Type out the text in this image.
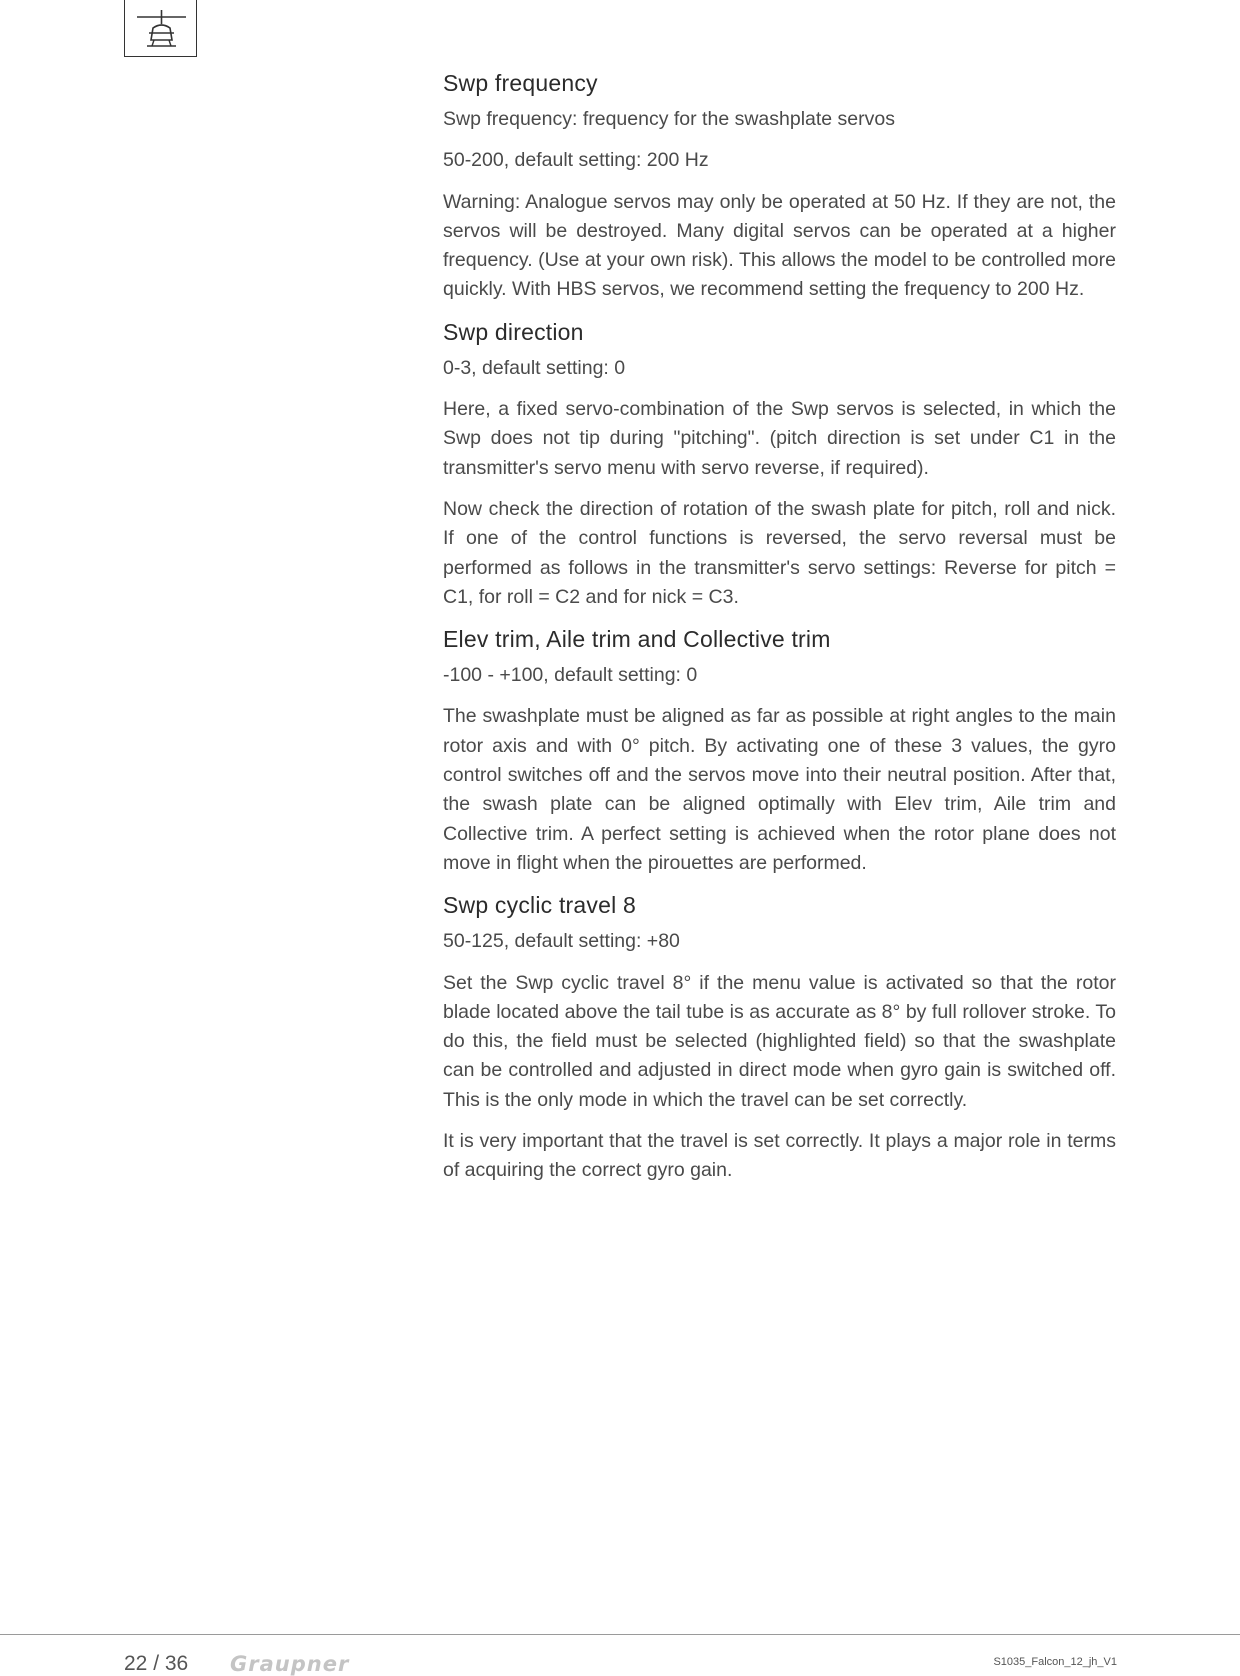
Swp frequency

Swp frequency: frequency for the swashplate servos

50-200, default setting: 200 Hz

Warning: Analogue servos may only be operated at 50 Hz. If they are not, the servos will be destroyed. Many digital servos can be operated at a higher frequency. (Use at your own risk). This allows the model to be controlled more quickly. With HBS servos, we recommend setting the frequency to 200 Hz.

Swp direction

0-3, default setting: 0

Here, a fixed servo-combination of the Swp servos is selected, in which the Swp does not tip during "pitching". (pitch direction is set under C1 in the transmitter's servo menu with servo reverse, if required).

Now check the direction of rotation of the swash plate for pitch, roll and nick. If one of the control functions is reversed, the servo reversal must be performed as follows in the transmitter's servo settings: Reverse for pitch = C1, for roll = C2 and for nick = C3.

Elev trim, Aile trim and Collective trim

-100 - +100, default setting: 0

The swashplate must be aligned as far as possible at right angles to the main rotor axis and with 0° pitch. By activating one of these 3 values, the gyro control switches off and the servos move into their neutral position. After that, the swash plate can be aligned optimally with Elev trim, Aile trim and Collective trim. A perfect setting is achieved when the rotor plane does not move in flight when the pirouettes are performed.

Swp cyclic travel 8

50-125, default setting: +80

Set the Swp cyclic travel 8° if the menu value is activated so that the rotor blade located above the tail tube is as accurate as 8° by full rollover stroke. To do this, the field must be selected (highlighted field) so that the swashplate can be controlled and adjusted in direct mode when gyro gain is switched off. This is the only mode in which the travel can be set correctly.

It is very important that the travel is set correctly. It plays a major role in terms of acquiring the correct gyro gain.

22 / 36 Graupner	S1035_Falcon_12_jh_V1
